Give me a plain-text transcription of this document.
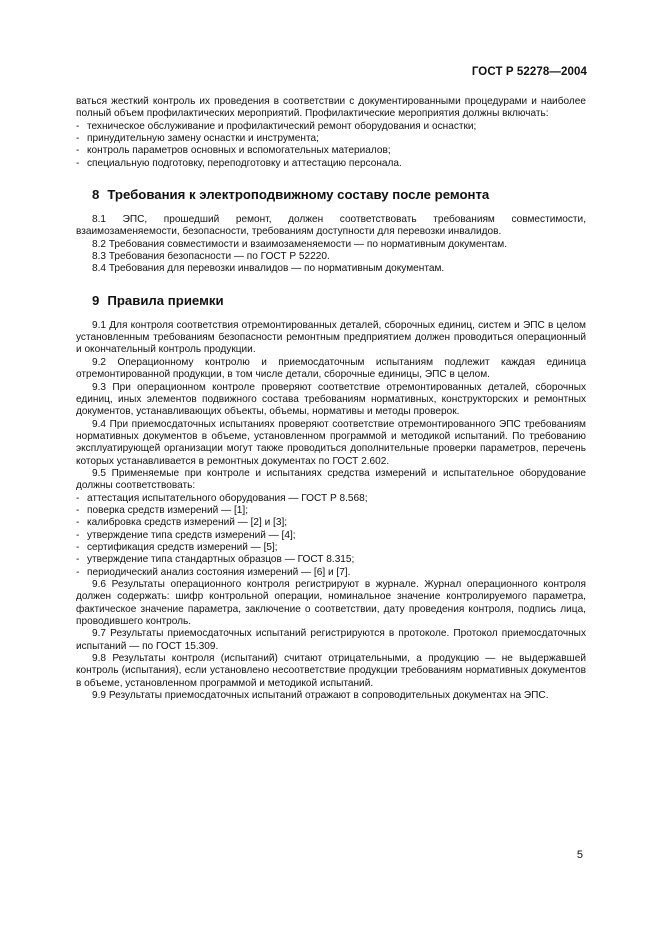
ГОСТ Р 52278—2004

ваться жесткий контроль их проведения в соответствии с документированными процедурами и наиболее полный объем профилактических мероприятий. Профилактические мероприятия должны включать:

- техническое обслуживание и профилактический ремонт оборудования и оснастки;

- принудительную замену оснастки и инструмента;

- контроль параметров основных и вспомогательных материалов;

- специальную подготовку, переподготовку и аттестацию персонала.

8 Требования к электроподвижному составу после ремонта

8.1 ЭПС, прошедший ремонт, должен соответствовать требованиям совместимости, взаимозаменяемости, безопасности, требованиям доступности для перевозки инвалидов.

8.2 Требования совместимости и взаимозаменяемости — по нормативным документам.

8.3 Требования безопасности — по ГОСТ Р 52220.

8.4 Требования для перевозки инвалидов — по нормативным документам.

9 Правила приемки

9.1 Для контроля соответствия отремонтированных деталей, сборочных единиц, систем и ЭПС в целом установленным требованиям безопасности ремонтным предприятием должен проводиться операционный и окончательный контроль продукции.

9.2 Операционному контролю и приемосдаточным испытаниям подлежит каждая единица отремонтированной продукции, в том числе детали, сборочные единицы, ЭПС в целом.

9.3 При операционном контроле проверяют соответствие отремонтированных деталей, сборочных единиц, иных элементов подвижного состава требованиям нормативных, конструкторских и ремонтных документов, устанавливающих объекты, объемы, нормативы и методы проверок.

9.4 При приемосдаточных испытаниях проверяют соответствие отремонтированного ЭПС требованиям нормативных документов в объеме, установленном программой и методикой испытаний. По требованию эксплуатирующей организации могут также проводиться дополнительные проверки параметров, перечень которых устанавливается в ремонтных документах по ГОСТ 2.602.

9.5 Применяемые при контроле и испытаниях средства измерений и испытательное оборудование должны соответствовать:

- аттестация испытательного оборудования — ГОСТ Р 8.568;

- поверка средств измерений — [1];

- калибровка средств измерений — [2] и [3];

- утверждение типа средств измерений — [4];

- сертификация средств измерений — [5];

- утверждение типа стандартных образцов — ГОСТ 8.315;

- периодический анализ состояния измерений — [6] и [7].

9.6 Результаты операционного контроля регистрируют в журнале. Журнал операционного контроля должен содержать: шифр контрольной операции, номинальное значение контролируемого параметра, фактическое значение параметра, заключение о соответствии, дату проведения контроля, подпись лица, проводившего контроль.

9.7 Результаты приемосдаточных испытаний регистрируются в протоколе. Протокол приемосдаточных испытаний — по ГОСТ 15.309.

9.8 Результаты контроля (испытаний) считают отрицательными, а продукцию — не выдержавшей контроль (испытания), если установлено несоответствие продукции требованиям нормативных документов в объеме, установленном программой и методикой испытаний.

9.9 Результаты приемосдаточных испытаний отражают в сопроводительных документах на ЭПС.

5
